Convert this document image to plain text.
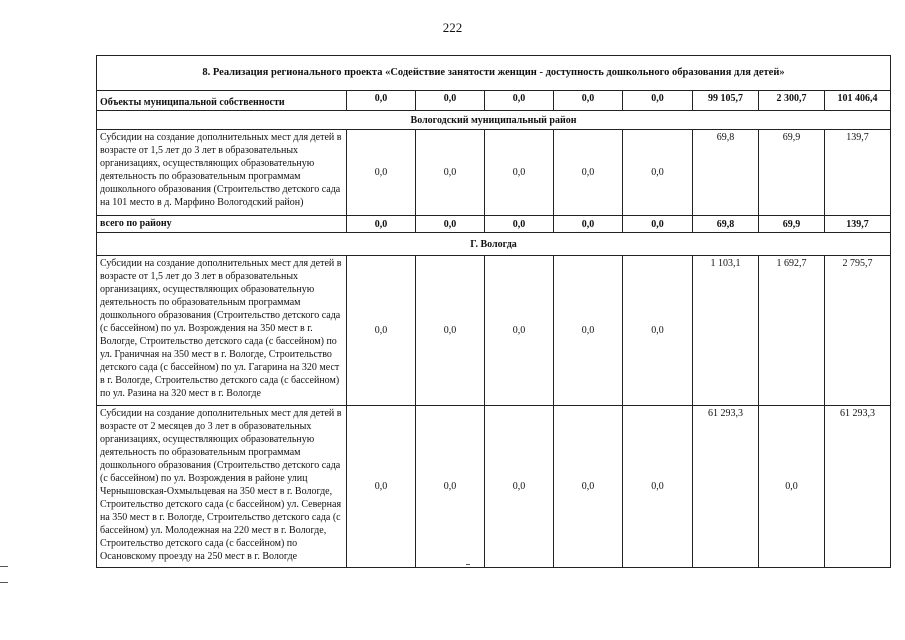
222
8. Реализация регионального проекта «Содействие занятости женщин - доступность дошкольного образования для детей»								
Объекты муниципальной собственности	0,0	0,0	0,0	0,0	0,0	99 105,7	2 300,7	101 406,4
Вологодский муниципальный район								
Субсидии на создание дополнительных мест для детей в возрасте от 1,5 лет до 3 лет в образовательных организациях, осуществляющих образовательную деятельность по образовательным программам дошкольного образования (Строительство детского сада на 101 место в д. Марфино Вологодский район)	0,0	0,0	0,0	0,0	0,0	69,8	69,9	139,7
всего по району	0,0	0,0	0,0	0,0	0,0	69,8	69,9	139,7
Г. Вологда								
Субсидии на создание дополнительных мест для детей в возрасте от 1,5 лет до 3 лет в образовательных организациях, осуществляющих образовательную деятельность по образовательным программам дошкольного образования (Строительство детского сада (с бассейном) по ул. Возрождения на 350 мест в г. Вологде, Строительство детского сада (с бассейном) по ул. Граничная на 350 мест в г. Вологде, Строительство детского сада (с бассейном) по ул. Гагарина на 320 мест в г. Вологде, Строительство детского сада (с бассейном) по ул. Разина на 320 мест в г. Вологде	0,0	0,0	0,0	0,0	0,0	1 103,1	1 692,7	2 795,7
Субсидии на создание дополнительных мест для детей в возрасте от 2 месяцев до 3 лет в образовательных организациях, осуществляющих образовательную деятельность по образовательным программам дошкольного образования (Строительство детского сада (с бассейном) по ул. Возрождения в районе улиц Чернышовская-Охмыльцевая на 350 мест в г. Вологде, Строительство детского сада (с бассейном) ул. Северная на 350 мест в г. Вологде, Строительство детского сада (с бассейном) ул. Молодежная на 220 мест в г. Вологде, Строительство детского сада (с бассейном) по Осановскому проезду на 250 мест в г. Вологде	0,0	0,0	0,0	0,0	0,0	61 293,3	0,0	61 293,3
